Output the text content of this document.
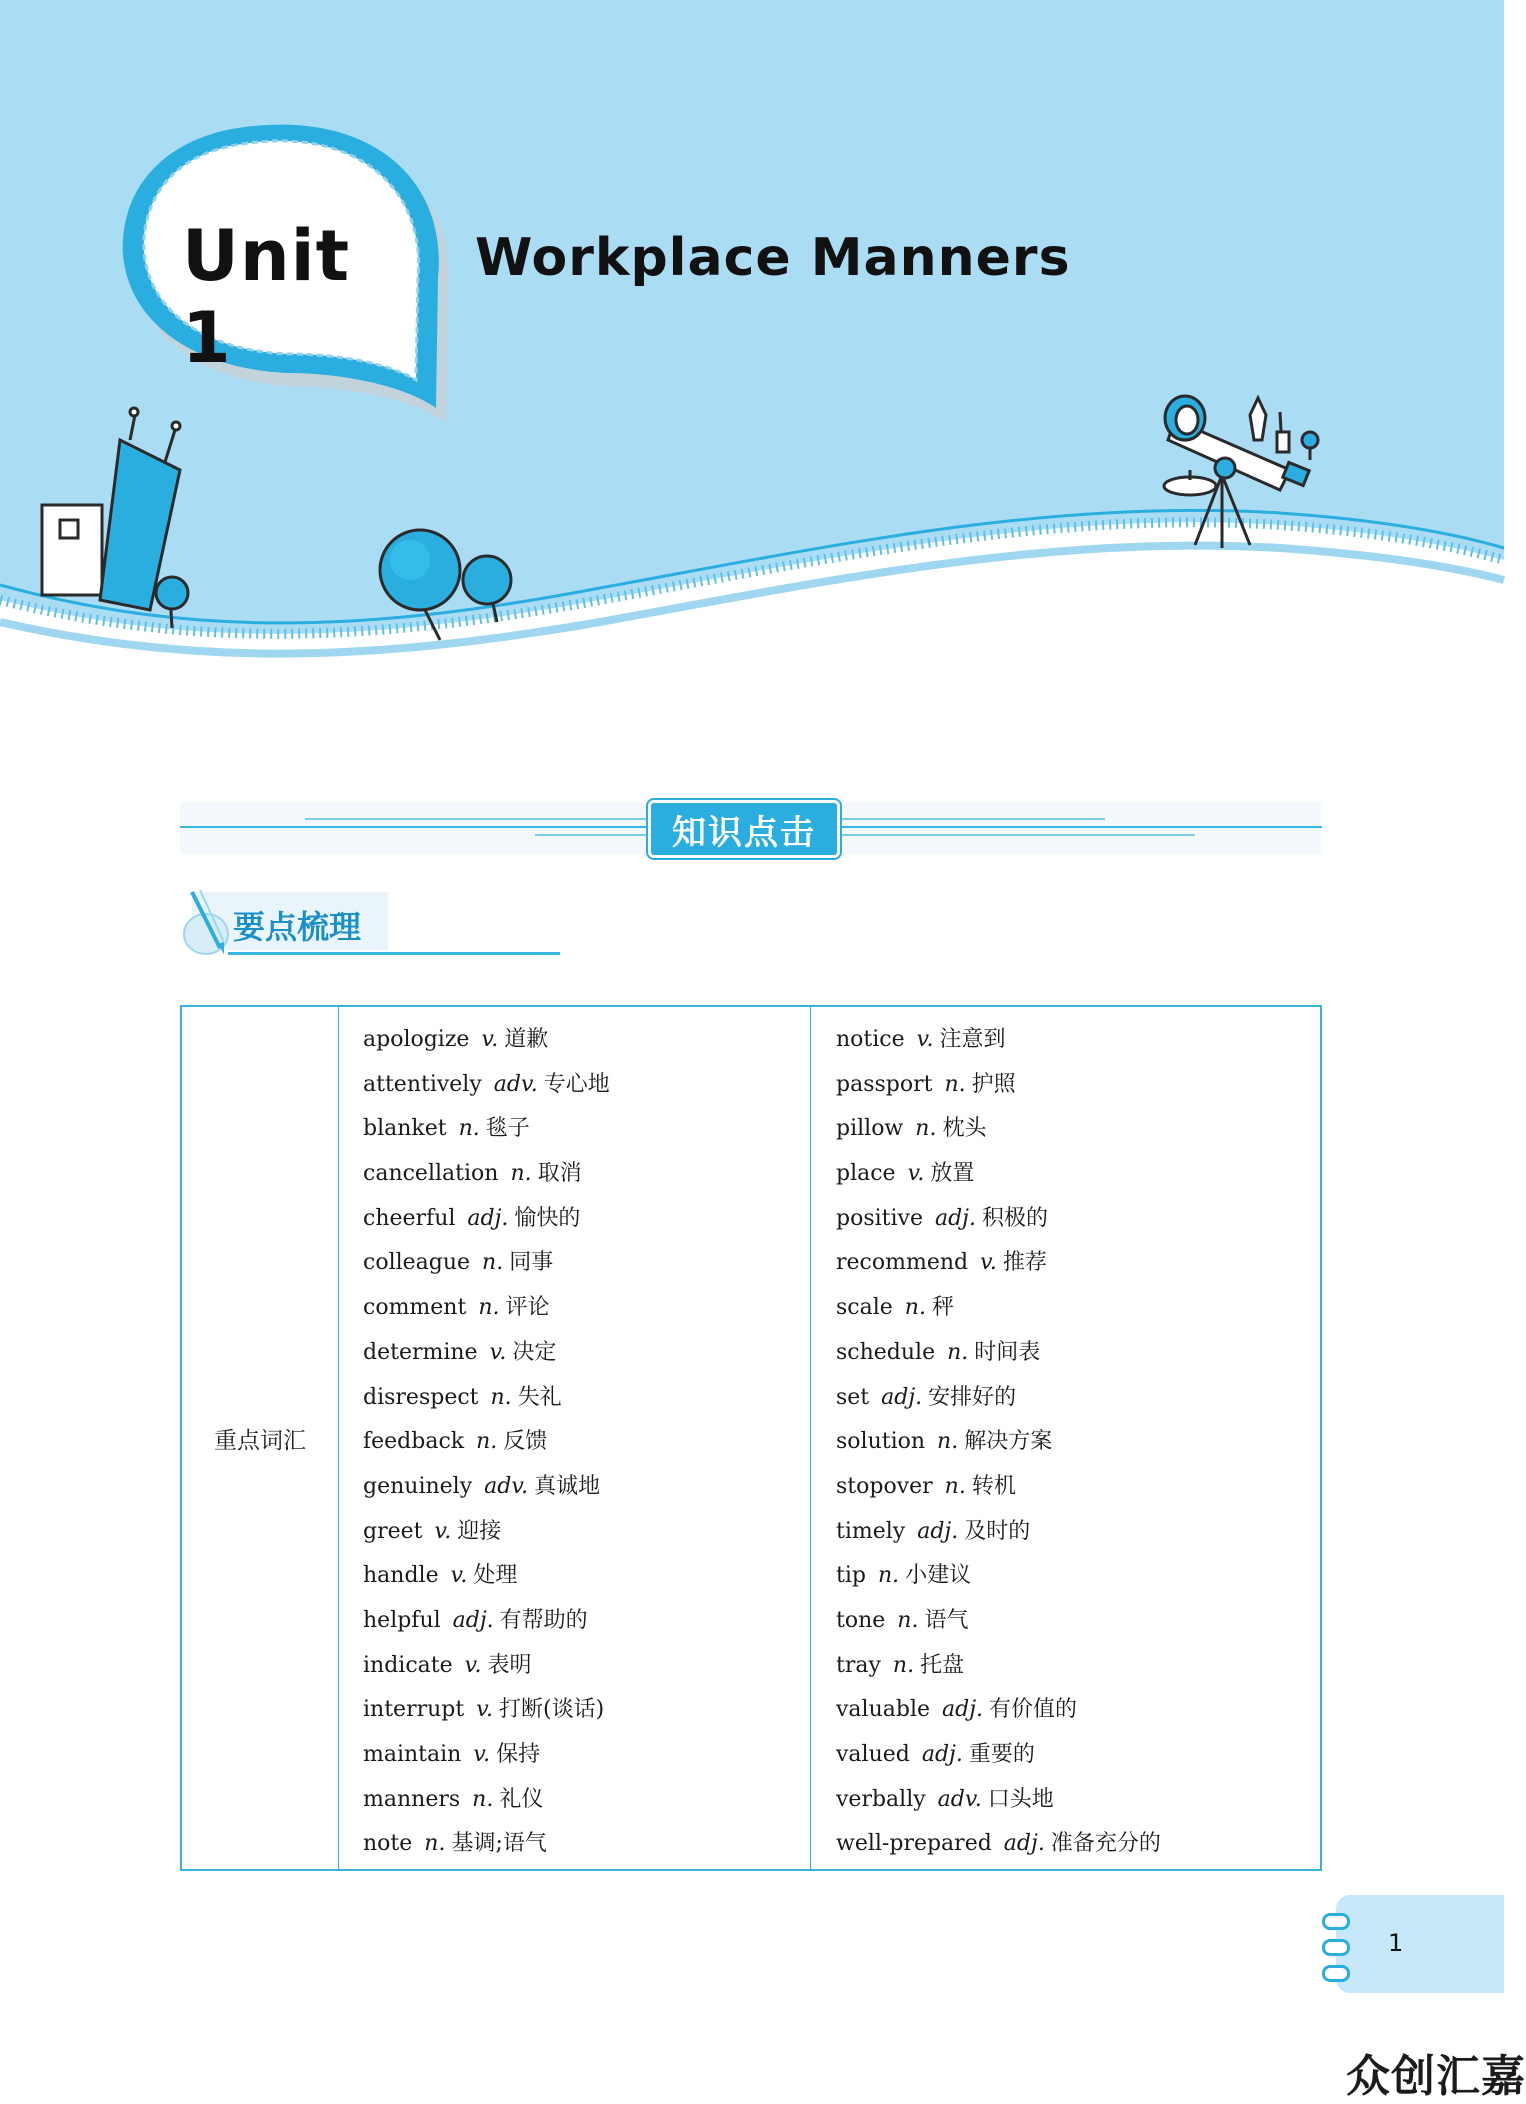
Unit 1
Workplace Manners
知识点击
要点梳理
重点词汇
apologize v. 道歉
attentively adv. 专心地
blanket n. 毯子
cancellation n. 取消
cheerful adj. 愉快的
colleague n. 同事
comment n. 评论
determine v. 决定
disrespect n. 失礼
feedback n. 反馈
genuinely adv. 真诚地
greet v. 迎接
handle v. 处理
helpful adj. 有帮助的
indicate v. 表明
interrupt v. 打断(谈话)
maintain v. 保持
manners n. 礼仪
note n. 基调;语气
notice v. 注意到
passport n. 护照
pillow n. 枕头
place v. 放置
positive adj. 积极的
recommend v. 推荐
scale n. 秤
schedule n. 时间表
set adj. 安排好的
solution n. 解决方案
stopover n. 转机
timely adj. 及时的
tip n. 小建议
tone n. 语气
tray n. 托盘
valuable adj. 有价值的
valued adj. 重要的
verbally adv. 口头地
well-prepared adj. 准备充分的
1
众创汇嘉
